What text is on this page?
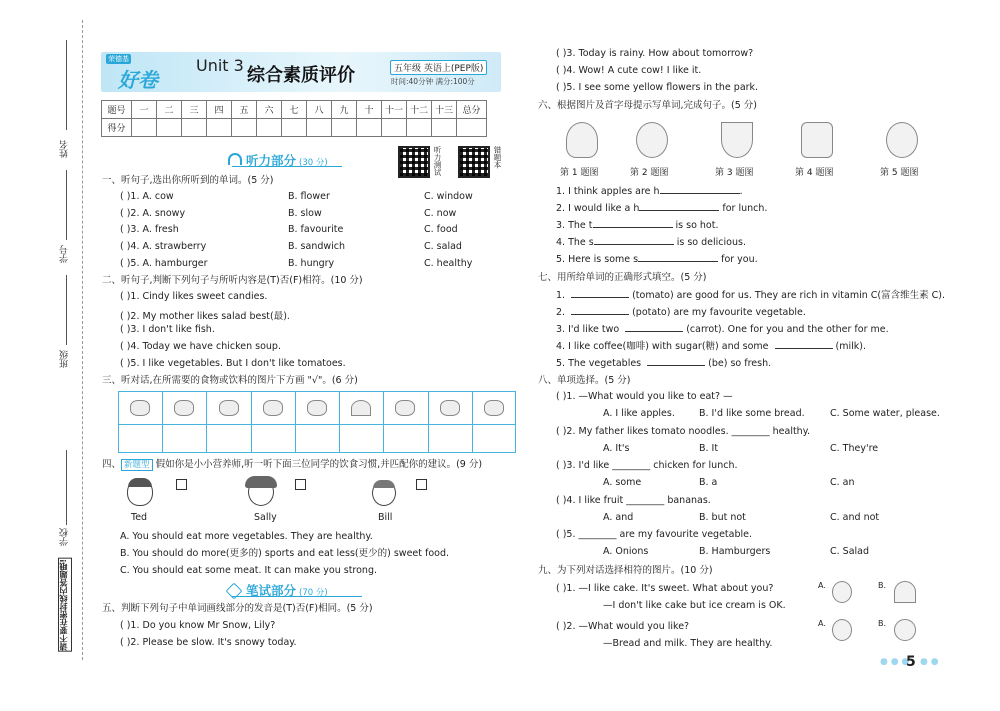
姓名
学号
班级
学校
请不要在密封线内答题哦!
荣德基
好卷
Unit 3 综合素质评价	五年级 英语上(PEP版)
时间:40分钟 满分:100分
题号	一	二	三	四	五	六	七	八	九	十	十一	十二	十三	总分
得分														
听力测试	错题本
听力部分 (30 分)
一、听句子,选出你所听到的单词。(5 分)
( )1. A. cow	B. flower	C. window
( )2. A. snowy	B. slow	C. now
( )3. A. fresh	B. favourite	C. food
( )4. A. strawberry	B. sandwich	C. salad
( )5. A. hamburger	B. hungry	C. healthy
二、听句子,判断下列句子与所听内容是(T)否(F)相符。(10 分)
( )1. Cindy likes sweet candies.
( )2. My mother likes salad best(最).
( )3. I don't like fish.
( )4. Today we have chicken soup.
( )5. I like vegetables. But I don't like tomatoes.
三、听对话,在所需要的食物或饮料的图片下方画 "√"。(6 分)
四、 新题型 假如你是小小营养师,听一听下面三位同学的饮食习惯,并匹配你的建议。(9 分)
Ted	Sally	Bill
A. You should eat more vegetables. They are healthy.
B. You should do more(更多的) sports and eat less(更少的) sweet food.
C. You should eat some meat. It can make you strong.
笔试部分 (70 分)
五、判断下列句子中单词画线部分的发音是(T)否(F)相同。(5 分)
( )1. Do you know Mr Snow, Lily?
( )2. Please be slow. It's snowy today.
( )3. Today is rainy. How about tomorrow?
( )4. Wow! A cute cow! I like it.
( )5. I see some yellow flowers in the park.
六、根据图片及首字母提示写单词,完成句子。(5 分)
第 1 题图	第 2 题图	第 3 题图	第 4 题图	第 5 题图
1. I think apples are h	.
2. I would like a h	for lunch.
3. The t	is so hot.
4. The s	is so delicious.
5. Here is some s	for you.
七、用所给单词的正确形式填空。(5 分)
1.	(tomato) are good for us. They are rich in vitamin C(富含维生素 C).
2.	(potato) are my favourite vegetable.
3. I'd like two	(carrot). One for you and the other for me.
4. I like coffee(咖啡) with sugar(糖) and some	(milk).
5. The vegetables	(be) so fresh.
八、单项选择。(5 分)
( )1. —What would you like to eat? —
A. I like apples.	B. I'd like some bread.	C. Some water, please.
( )2. My father likes tomato noodles. ________ healthy.
A. It's	B. It	C. They're
( )3. I'd like ________ chicken for lunch.
A. some	B. a	C. an
( )4. I like fruit ________ bananas.
A. and	B. but not	C. and not
( )5. ________ are my favourite vegetable.
A. Onions	B. Hamburgers	C. Salad
九、为下列对话选择相符的图片。(10 分)
( )1. —I like cake. It's sweet. What about you?
—I don't like cake but ice cream is OK.
A.	B.
( )2. —What would you like?
—Bread and milk. They are healthy.
A.	B.
● ● ●
5 ● ●
